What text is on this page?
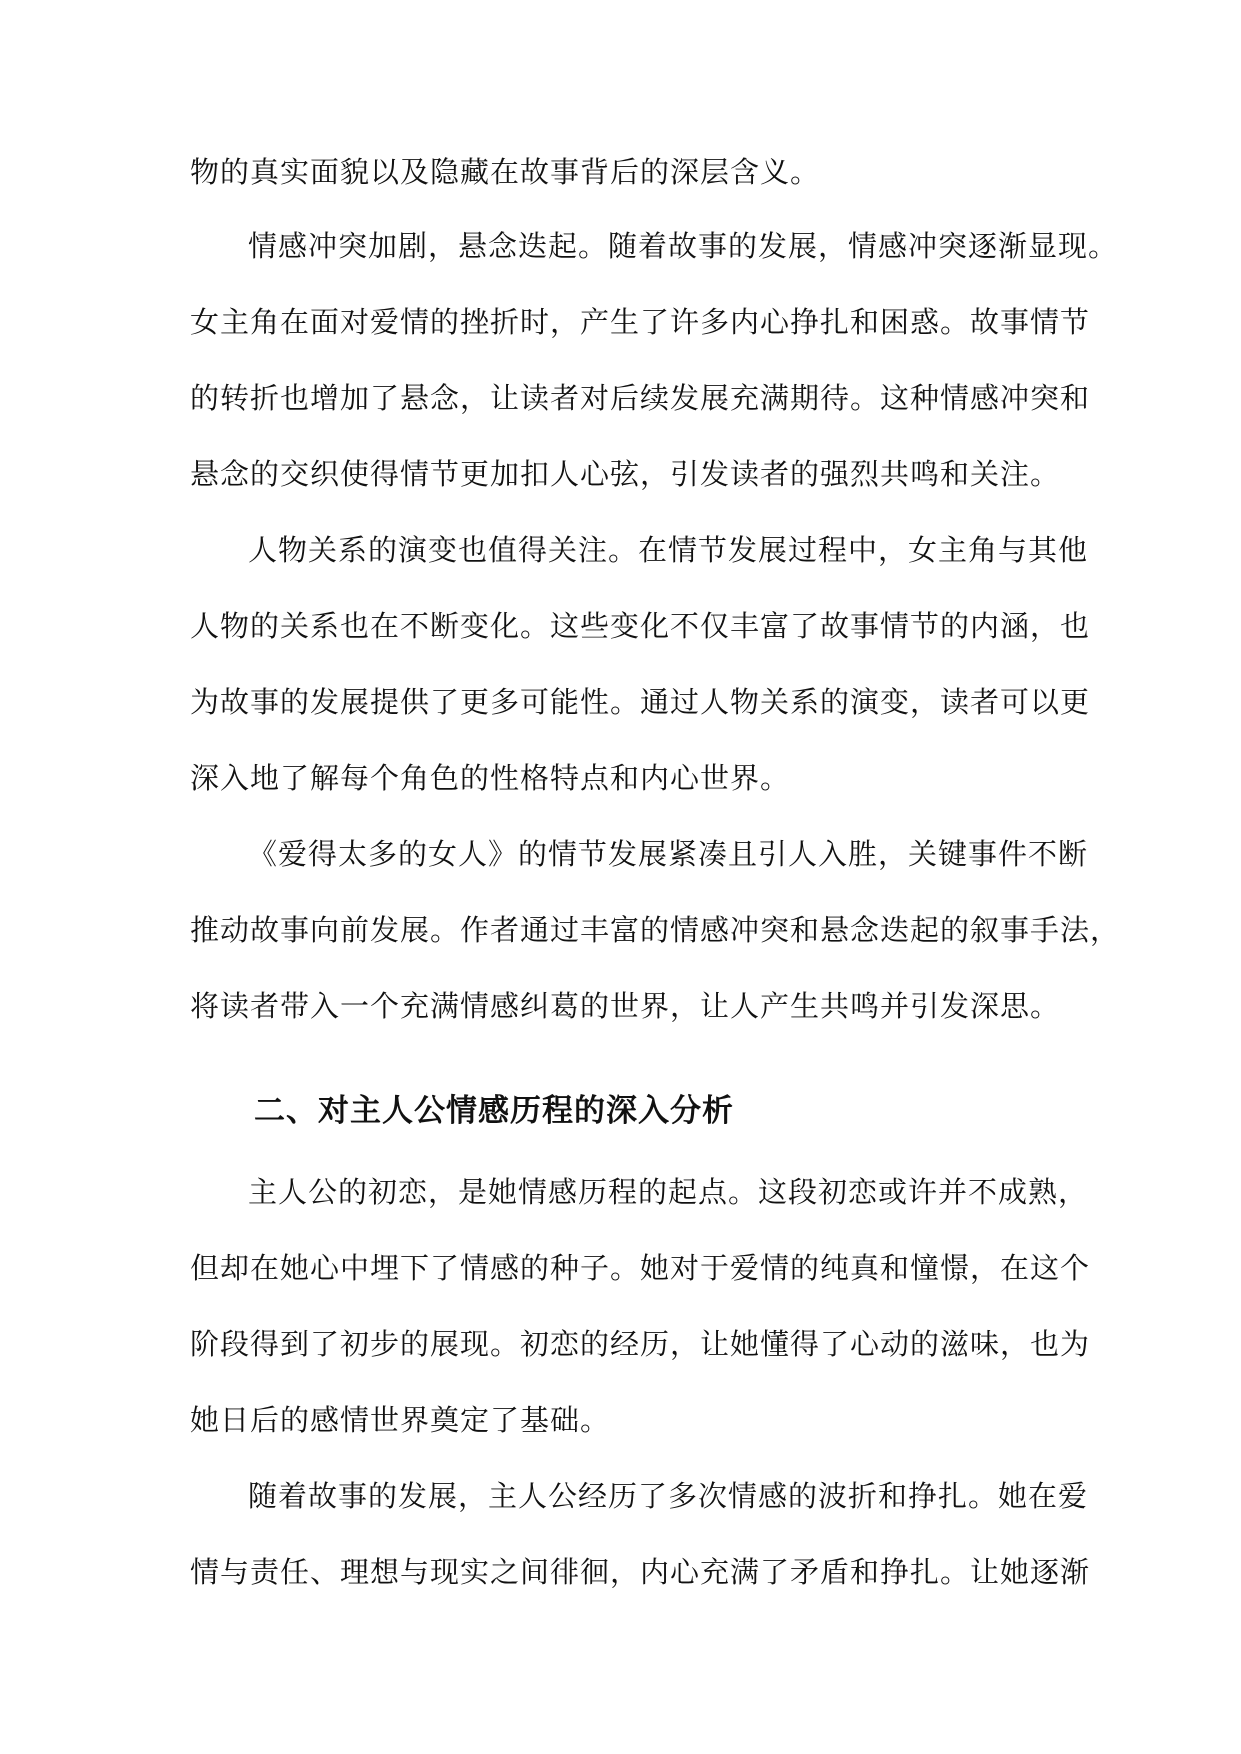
物的真实面貌以及隐藏在故事背后的深层含义。
情感冲突加剧，悬念迭起。随着故事的发展，情感冲突逐渐显现。
女主角在面对爱情的挫折时，产生了许多内心挣扎和困惑。故事情节
的转折也增加了悬念，让读者对后续发展充满期待。这种情感冲突和
悬念的交织使得情节更加扣人心弦，引发读者的强烈共鸣和关注。
人物关系的演变也值得关注。在情节发展过程中，女主角与其他
人物的关系也在不断变化。这些变化不仅丰富了故事情节的内涵，也
为故事的发展提供了更多可能性。通过人物关系的演变，读者可以更
深入地了解每个角色的性格特点和内心世界。
《爱得太多的女人》的情节发展紧凑且引人入胜，关键事件不断
推动故事向前发展。作者通过丰富的情感冲突和悬念迭起的叙事手法，
将读者带入一个充满情感纠葛的世界，让人产生共鸣并引发深思。
二、对主人公情感历程的深入分析
主人公的初恋，是她情感历程的起点。这段初恋或许并不成熟，
但却在她心中埋下了情感的种子。她对于爱情的纯真和憧憬，在这个
阶段得到了初步的展现。初恋的经历，让她懂得了心动的滋味，也为
她日后的感情世界奠定了基础。
随着故事的发展，主人公经历了多次情感的波折和挣扎。她在爱
情与责任、理想与现实之间徘徊，内心充满了矛盾和挣扎。让她逐渐
